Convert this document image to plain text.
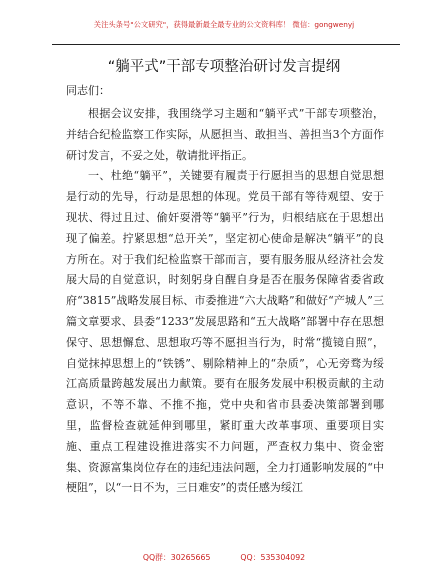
关注头条号"公文研究"，获得最新最全最专业的公文资料库！ 微信：gongwenyj
“躺平式”干部专项整治研讨发言提纲
同志们：

根据会议安排，我围绕学习主题和“躺平式”干部专项整治，并结合纪检监察工作实际，从愿担当、敢担当、善担当3个方面作研讨发言，不妥之处，敬请批评指正。

一、杜绝“躺平”，关键要有履责于行愿担当的思想自觉思想是行动的先导，行动是思想的体现。党员干部有等待观望、安于现状、得过且过、偷奸耍滑等“躺平”行为，归根结底在于思想出现了偏差。拧紧思想“总开关”，坚定初心使命是解决“躺平”的良方所在。对于我们纪检监察干部而言，要有服务服从经济社会发展大局的自觉意识，时刻躬身自醒自身是否在服务保障省委省政府“3815”战略发展目标、市委推进“六大战略”和做好“产城人”三篇文章要求、县委“1233”发展思路和“五大战略”部署中存在思想保守、思想懈怠、思想取巧等不愿担当行为，时常“揽镜自照”，自觉抹掉思想上的“铁锈”、剔除精神上的“杂质”，心无旁骛为绥江高质量跨越发展出力献策。要有在服务发展中积极贡献的主动意识，不等不靠、不推不拖，党中央和省市县委决策部署到哪里，监督检查就延伸到哪里，紧盯重大改革事项、重要项目实施、重点工程建设推进落实不力问题，严查权力集中、资金密集、资源富集岗位存在的违纪违法问题，全力打通影响发展的“中梗阻”，以“一日不为，三日难安”的责任感为绥江

QQ群：30265665	QQ：535304092
